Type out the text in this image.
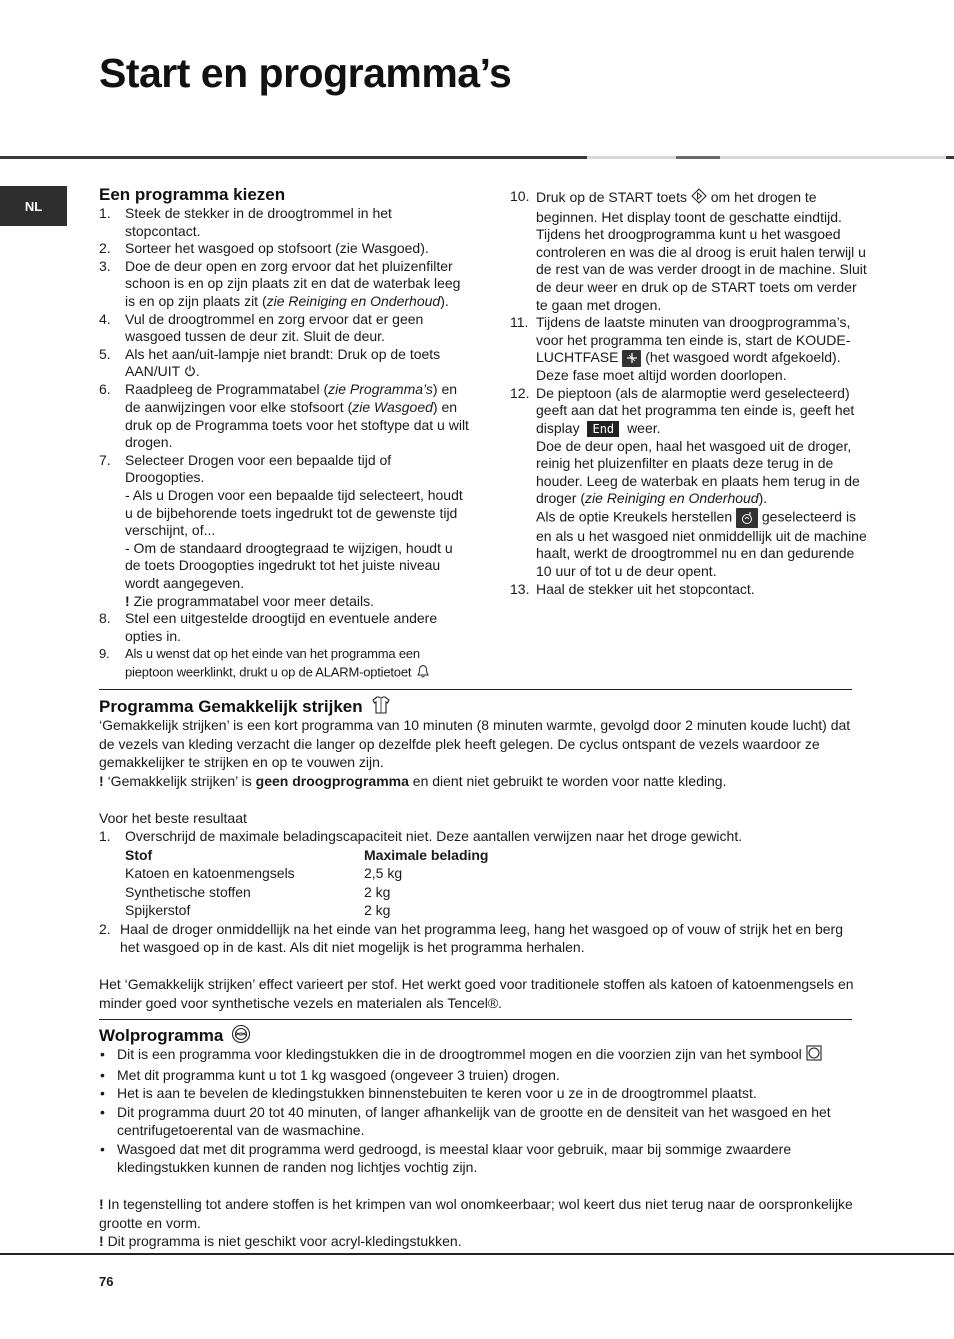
Start en programma’s
NL
Een programma kiezen
1. Steek de stekker in de droogtrommel in het stopcontact.
2. Sorteer het wasgoed op stofsoort (zie Wasgoed).
3. Doe de deur open en zorg ervoor dat het pluizenfilter schoon is en op zijn plaats zit en dat de waterbak leeg is en op zijn plaats zit (zie Reiniging en Onderhoud).
4. Vul de droogtrommel en zorg ervoor dat er geen wasgoed tussen de deur zit. Sluit de deur.
5. Als het aan/uit-lampje niet brandt: Druk op de toets AAN/UIT .
6. Raadpleeg de Programmatabel (zie Programma’s) en de aanwijzingen voor elke stofsoort (zie Wasgoed) en druk op de Programma toets voor het stoftype dat u wilt drogen.
7. Selecteer Drogen voor een bepaalde tijd of Droogopties.
- Als u Drogen voor een bepaalde tijd selecteert, houdt u de bijbehorende toets ingedrukt tot de gewenste tijd verschijnt, of...
- Om de standaard droogtegraad te wijzigen, houdt u de toets Droogopties ingedrukt tot het juiste niveau wordt aangegeven.
! Zie programmatabel voor meer details.
8. Stel een uitgestelde droogtijd en eventuele andere opties in.
9. Als u wenst dat op het einde van het programma een pieptoon weerklinkt, drukt u op de ALARM-optietoet
10. Druk op de START toets om het drogen te beginnen. Het display toont de geschatte eindtijd. Tijdens het droogprogramma kunt u het wasgoed controleren en was die al droog is eruit halen terwijl u de rest van de was verder droogt in de machine. Sluit de deur weer en druk op de START toets om verder te gaan met drogen.
11. Tijdens de laatste minuten van droogprogramma’s, voor het programma ten einde is, start de KOUDE-LUCHTFASE (het wasgoed wordt afgekoeld). Deze fase moet altijd worden doorlopen.
12. De pieptoon (als de alarmoptie werd geselecteerd) geeft aan dat het programma ten einde is, geeft het display End weer.
Doe de deur open, haal het wasgoed uit de droger, reinig het pluizenfilter en plaats deze terug in de houder. Leeg de waterbak en plaats hem terug in de droger (zie Reiniging en Onderhoud).
Als de optie Kreukels herstellen geselecteerd is en als u het wasgoed niet onmiddellijk uit de machine haalt, werkt de droogtrommel nu en dan gedurende 10 uur of tot u de deur opent.
13. Haal de stekker uit het stopcontact.
Programma Gemakkelijk strijken
‘Gemakkelijk strijken’ is een kort programma van 10 minuten (8 minuten warmte, gevolgd door 2 minuten koude lucht) dat de vezels van kleding verzacht die langer op dezelfde plek heeft gelegen. De cyclus ontspant de vezels waardoor ze gemakkelijker te strijken en op te vouwen zijn.
! ‘Gemakkelijk strijken’ is geen droogprogramma en dient niet gebruikt te worden voor natte kleding.
Voor het beste resultaat
1. Overschrijd de maximale beladingscapaciteit niet. Deze aantallen verwijzen naar het droge gewicht.
Stof	Maximale belading
Katoen en katoenmengsels	2,5 kg
Synthetische stoffen	2 kg
Spijkerstof	2 kg
2. Haal de droger onmiddellijk na het einde van het programma leeg, hang het wasgoed op of vouw of strijk het en berg het wasgoed op in de kast. Als dit niet mogelijk is het programma herhalen.
Het ‘Gemakkelijk strijken’ effect varieert per stof. Het werkt goed voor traditionele stoffen als katoen of katoenmengsels en minder goed voor synthetische vezels en materialen als Tencel®.
Wolprogramma
• Dit is een programma voor kledingstukken die in de droogtrommel mogen en die voorzien zijn van het symbool
• Met dit programma kunt u tot 1 kg wasgoed (ongeveer 3 truien) drogen.
• Het is aan te bevelen de kledingstukken binnenstebuiten te keren voor u ze in de droogtrommel plaatst.
• Dit programma duurt 20 tot 40 minuten, of langer afhankelijk van de grootte en de densiteit van het wasgoed en het centrifugetoerental van de wasmachine.
• Wasgoed dat met dit programma werd gedroogd, is meestal klaar voor gebruik, maar bij sommige zwaardere kledingstukken kunnen de randen nog lichtjes vochtig zijn.
! In tegenstelling tot andere stoffen is het krimpen van wol onomkeerbaar; wol keert dus niet terug naar de oorspronkelijke grootte en vorm.
! Dit programma is niet geschikt voor acryl-kledingstukken.
76
